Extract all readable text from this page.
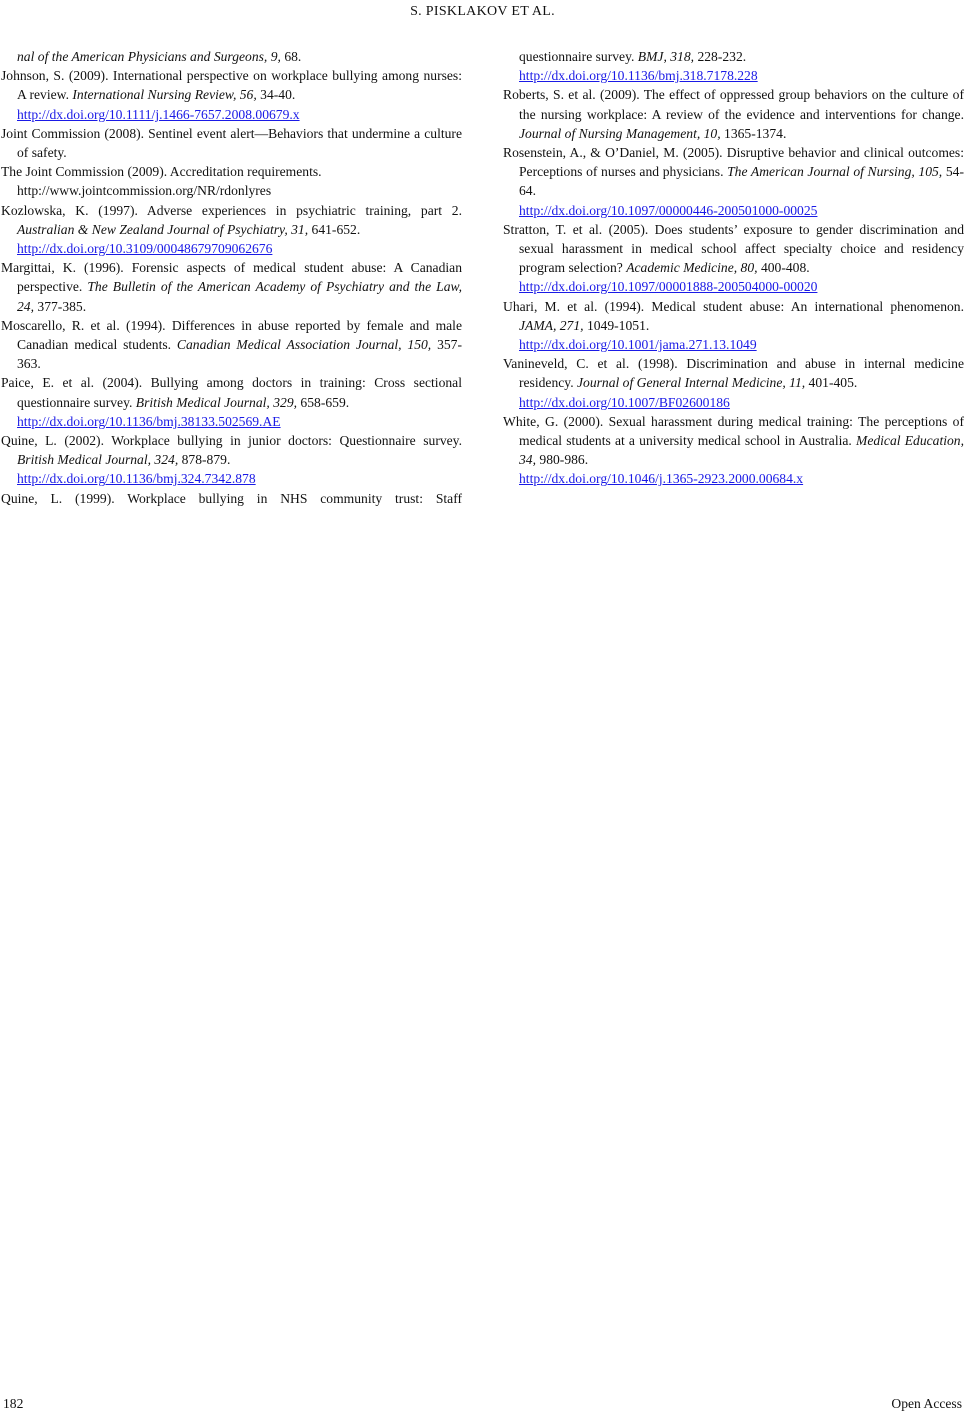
S. PISKLAKOV ET AL.

nal of the American Physicians and Surgeons, 9, 68.

Johnson, S. (2009). International perspective on workplace bullying among nurses: A review. International Nursing Review, 56, 34-40.
http://dx.doi.org/10.1111/j.1466-7657.2008.00679.x

Joint Commission (2008). Sentinel event alert—Behaviors that undermine a culture of safety.

The Joint Commission (2009). Accreditation requirements. http://www.jointcommission.org/NR/rdonlyres

Kozlowska, K. (1997). Adverse experiences in psychiatric training, part 2. Australian & New Zealand Journal of Psychiatry, 31, 641-652.
http://dx.doi.org/10.3109/00048679709062676

Margittai, K. (1996). Forensic aspects of medical student abuse: A Canadian perspective. The Bulletin of the American Academy of Psychiatry and the Law, 24, 377-385.

Moscarello, R. et al. (1994). Differences in abuse reported by female and male Canadian medical students. Canadian Medical Association Journal, 150, 357-363.

Paice, E. et al. (2004). Bullying among doctors in training: Cross sectional questionnaire survey. British Medical Journal, 329, 658-659.
http://dx.doi.org/10.1136/bmj.38133.502569.AE

Quine, L. (2002). Workplace bullying in junior doctors: Questionnaire survey. British Medical Journal, 324, 878-879.
http://dx.doi.org/10.1136/bmj.324.7342.878

Quine, L. (1999). Workplace bullying in NHS community trust: Staff

questionnaire survey. BMJ, 318, 228-232.
http://dx.doi.org/10.1136/bmj.318.7178.228

Roberts, S. et al. (2009). The effect of oppressed group behaviors on the culture of the nursing workplace: A review of the evidence and interventions for change. Journal of Nursing Management, 10, 1365-1374.

Rosenstein, A., & O’Daniel, M. (2005). Disruptive behavior and clinical outcomes: Perceptions of nurses and physicians. The American Journal of Nursing, 105, 54-64.
http://dx.doi.org/10.1097/00000446-200501000-00025

Stratton, T. et al. (2005). Does students’ exposure to gender discrimination and sexual harassment in medical school affect specialty choice and residency program selection? Academic Medicine, 80, 400-408.
http://dx.doi.org/10.1097/00001888-200504000-00020

Uhari, M. et al. (1994). Medical student abuse: An international phenomenon. JAMA, 271, 1049-1051.
http://dx.doi.org/10.1001/jama.271.13.1049

Vanineveld, C. et al. (1998). Discrimination and abuse in internal medicine residency. Journal of General Internal Medicine, 11, 401-405.
http://dx.doi.org/10.1007/BF02600186

White, G. (2000). Sexual harassment during medical training: The perceptions of medical students at a university medical school in Australia. Medical Education, 34, 980-986.
http://dx.doi.org/10.1046/j.1365-2923.2000.00684.x

182	Open Access
